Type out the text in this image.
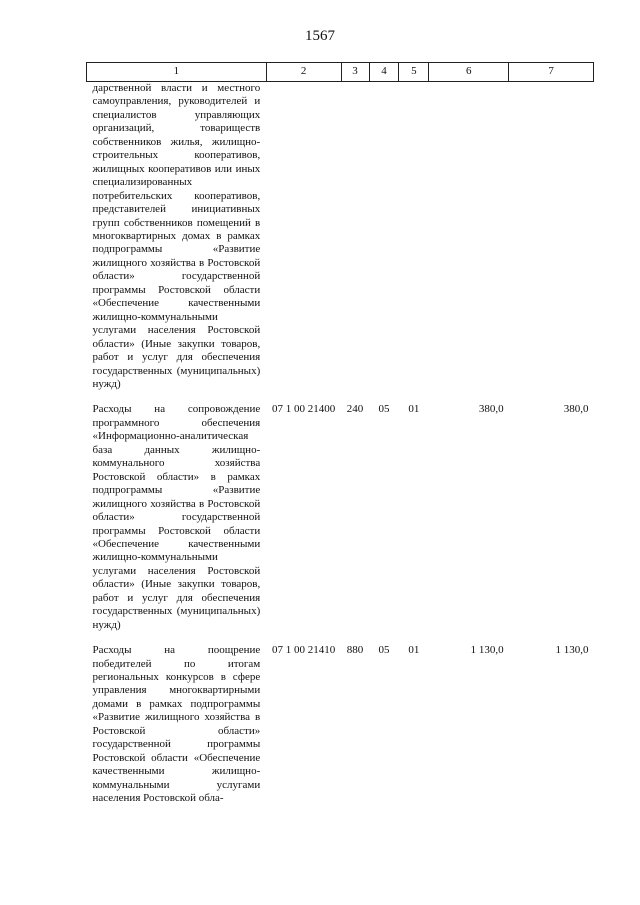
1567
1	2	3	4	5	6	7
дарственной власти и местного самоуправления, руководителей и специалистов управляющих организаций, товариществ собственников жилья, жилищно-строительных кооперативов, жилищных кооперативов или иных специализированных потребительских кооперативов, представителей инициативных групп собственников помещений в многоквартирных домах в рамках подпрограммы «Развитие жилищного хозяйства в Ростовской области» государственной программы Ростовской области «Обеспечение качественными жилищно-коммунальными услугами населения Ростовской области» (Иные закупки товаров, работ и услуг для обеспечения государственных (муниципальных) нужд)						
Расходы на сопровождение программного обеспечения «Информационно-аналитическая база данных жилищно-коммунального хозяйства Ростовской области» в рамках подпрограммы «Развитие жилищного хозяйства в Ростовской области» государственной программы Ростовской области «Обеспечение качественными жилищно-коммунальными услугами населения Ростовской области» (Иные закупки товаров, работ и услуг для обеспечения государственных (муниципальных) нужд)	07 1 00 21400	240	05	01	380,0	380,0
Расходы на поощрение победителей по итогам региональных конкурсов в сфере управления многоквартирными домами в рамках подпрограммы «Развитие жилищного хозяйства в Ростовской области» государственной программы Ростовской области «Обеспечение качественными жилищно-коммунальными услугами населения Ростовской обла-	07 1 00 21410	880	05	01	1 130,0	1 130,0
